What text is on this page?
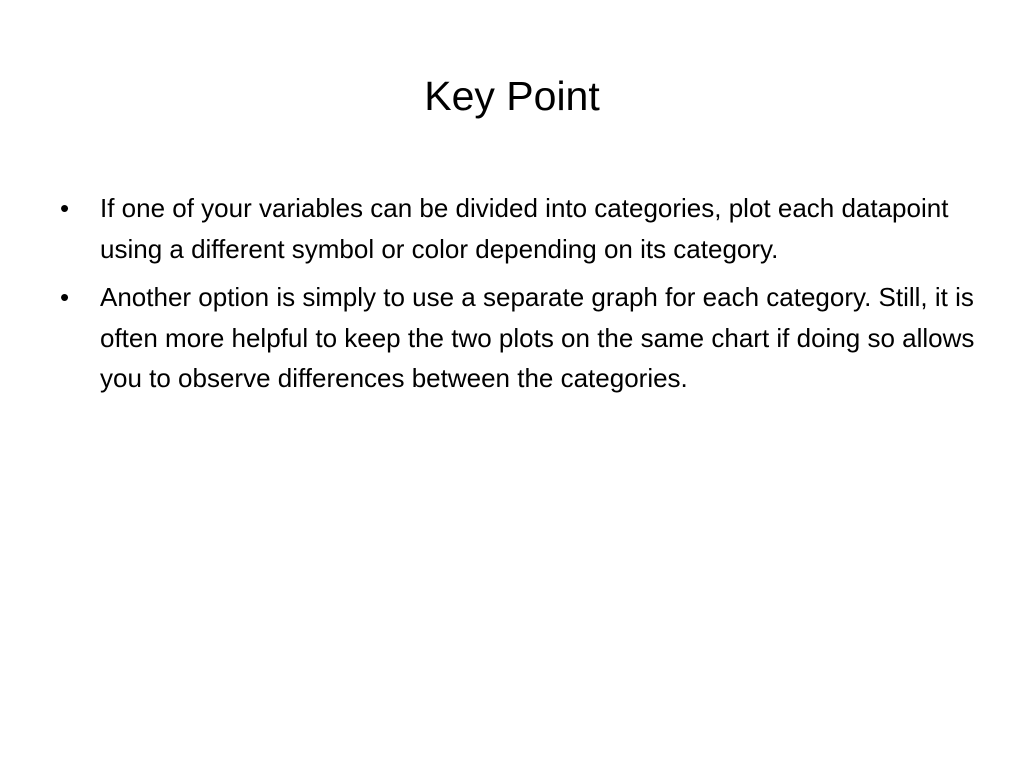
Key Point
• If one of your variables can be divided into categories, plot each datapoint using a different symbol or color depending on its category.
• Another option is simply to use a separate graph for each category. Still, it is often more helpful to keep the two plots on the same chart if doing so allows you to observe differences between the categories.
